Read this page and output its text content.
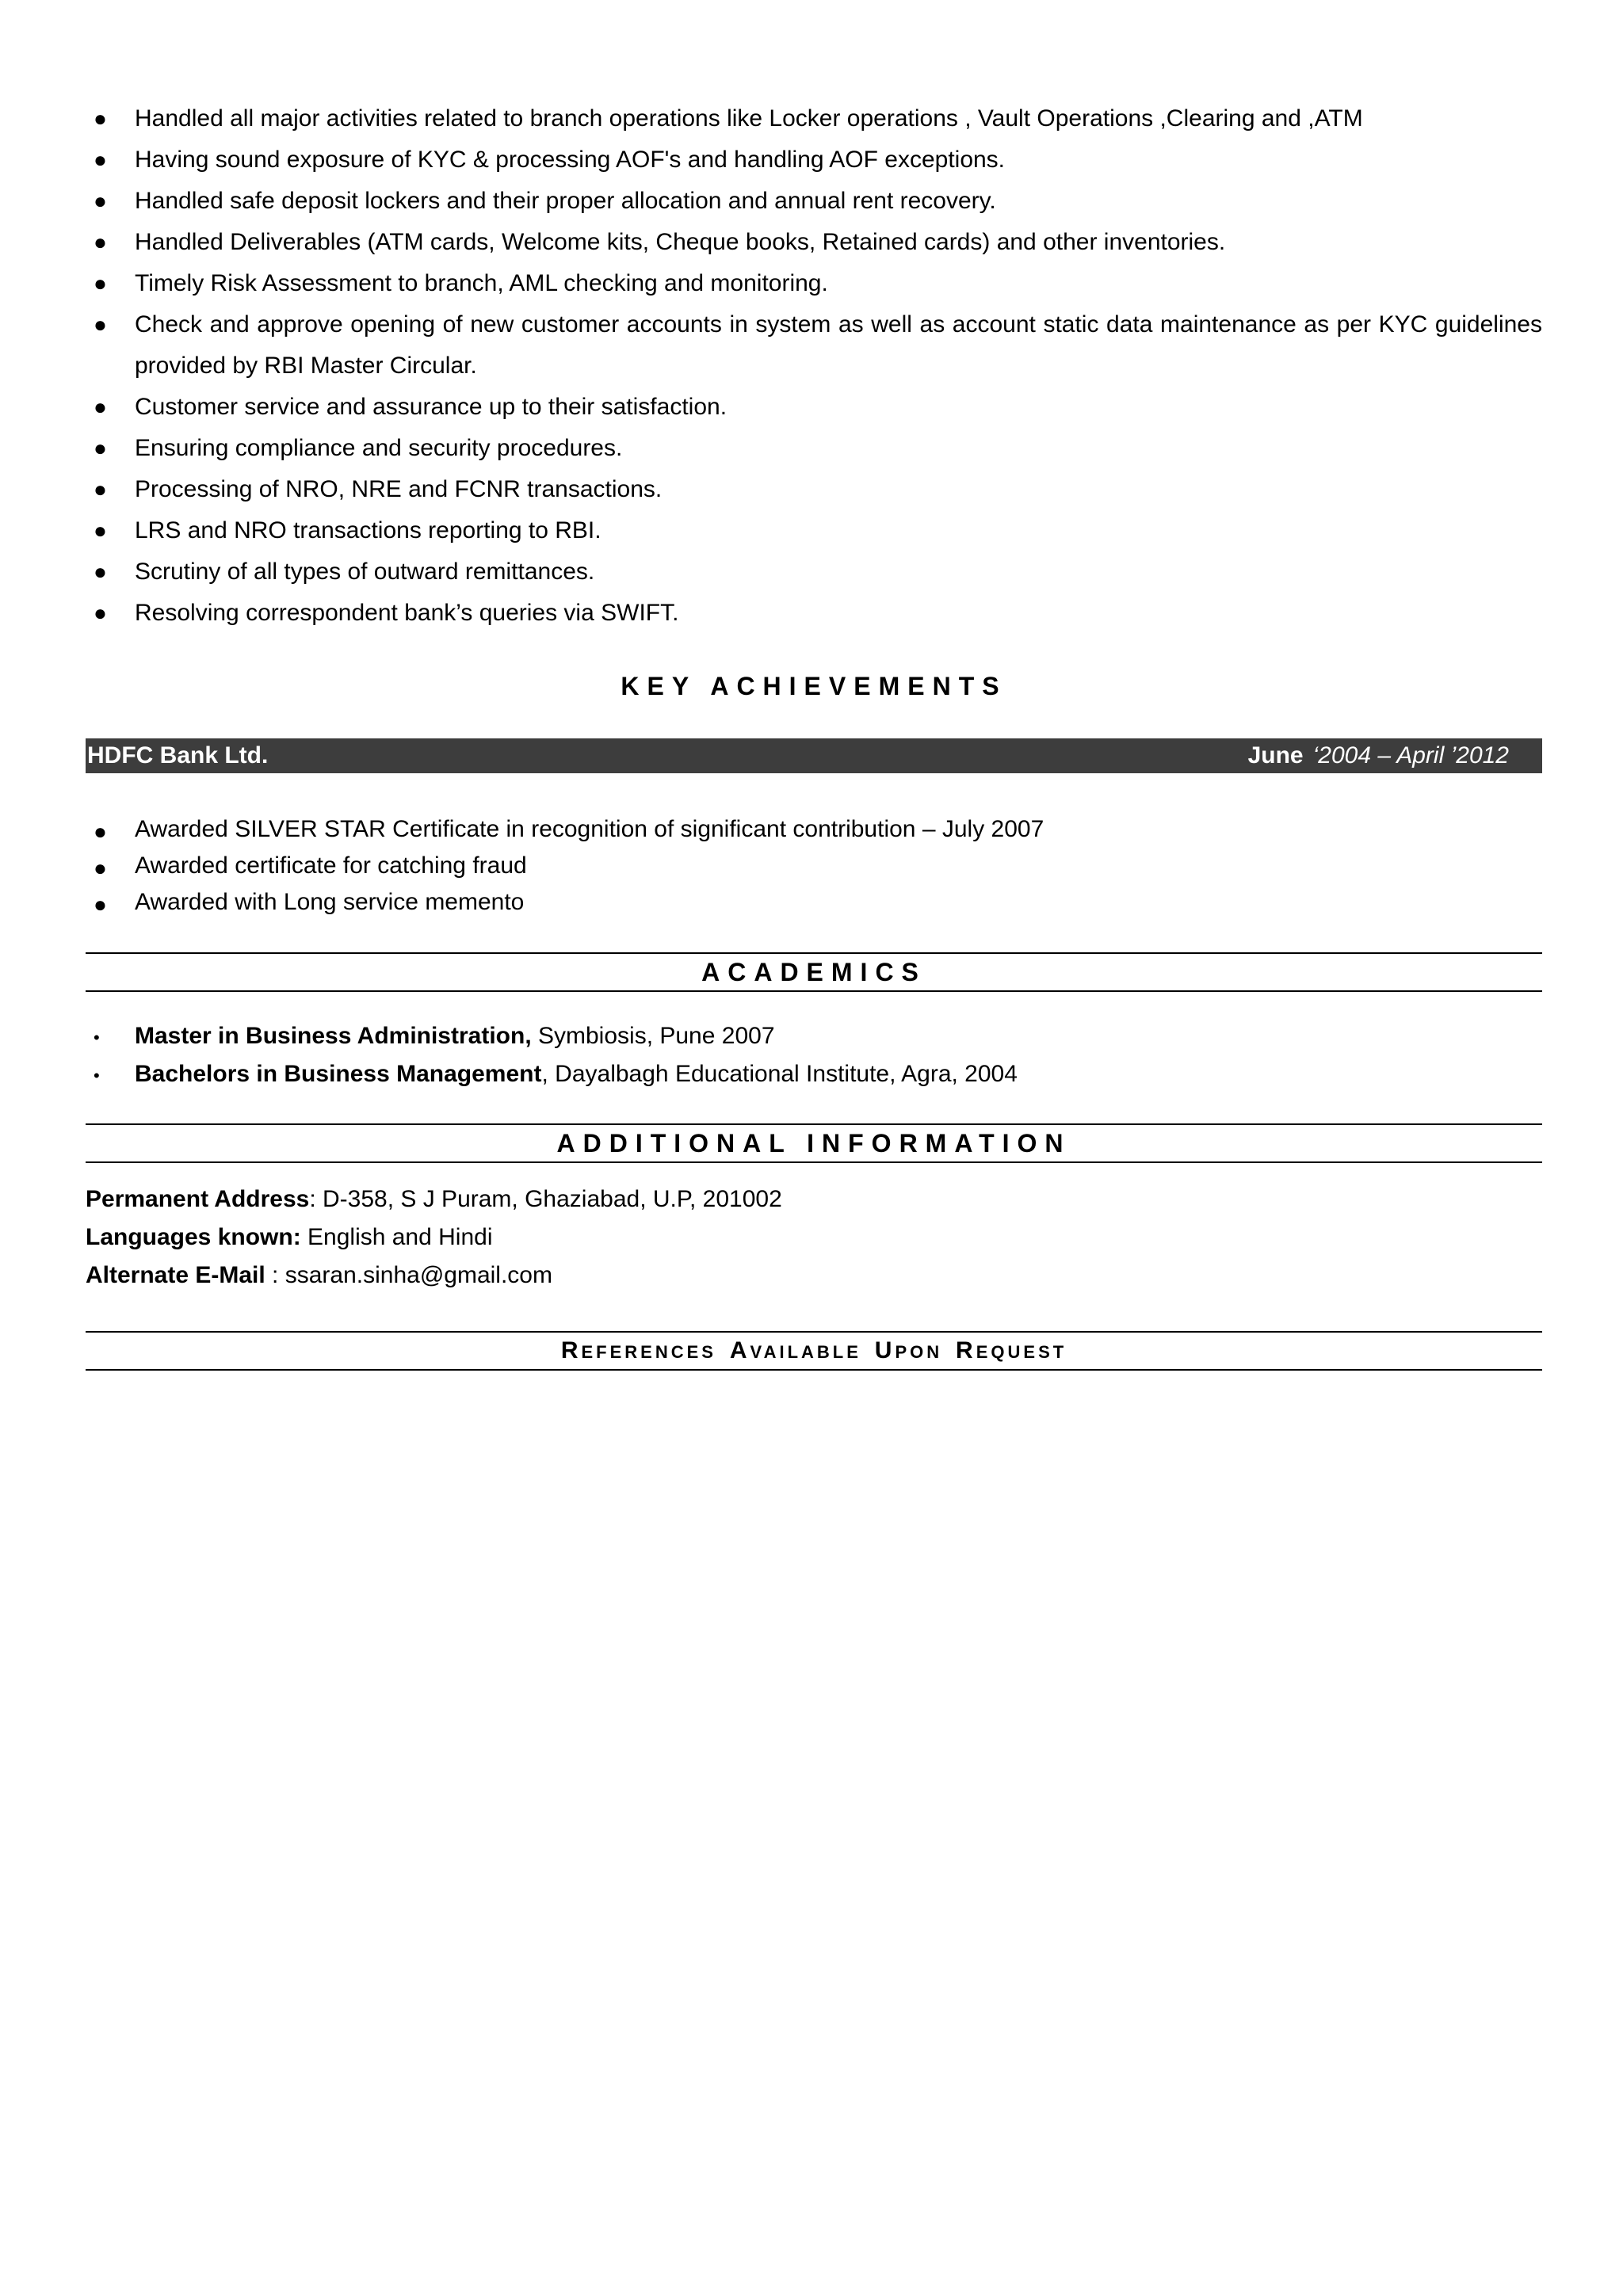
● Handled all major activities related to branch operations like Locker operations , Vault Operations ,Clearing and ,ATM
● Having sound exposure of KYC & processing AOF's and handling AOF exceptions.
● Handled safe deposit lockers and their proper allocation and annual rent recovery.
● Handled Deliverables (ATM cards, Welcome kits, Cheque books, Retained cards) and other inventories.
● Timely Risk Assessment to branch, AML checking and monitoring.
● Check and approve opening of new customer accounts in system as well as account static data maintenance as per KYC guidelines provided by RBI Master Circular.
● Customer service and assurance up to their satisfaction.
● Ensuring compliance and security procedures.
● Processing of NRO, NRE and FCNR transactions.
● LRS and NRO transactions reporting to RBI.
● Scrutiny of all types of outward remittances.
● Resolving correspondent bank’s queries via SWIFT.
KEY ACHIEVEMENTS
HDFC Bank Ltd.	June ‘2004 – April ’2012
● Awarded SILVER STAR Certificate in recognition of significant contribution – July 2007
● Awarded certificate for catching fraud
● Awarded with Long service memento
ACADEMICS
• Master in Business Administration, Symbiosis, Pune 2007
• Bachelors in Business Management, Dayalbagh Educational Institute, Agra, 2004
ADDITIONAL INFORMATION
Permanent Address: D-358, S J Puram, Ghaziabad, U.P, 201002
Languages known: English and Hindi
Alternate E-Mail : ssaran.sinha@gmail.com
REFERENCES AVAILABLE UPON REQUEST
